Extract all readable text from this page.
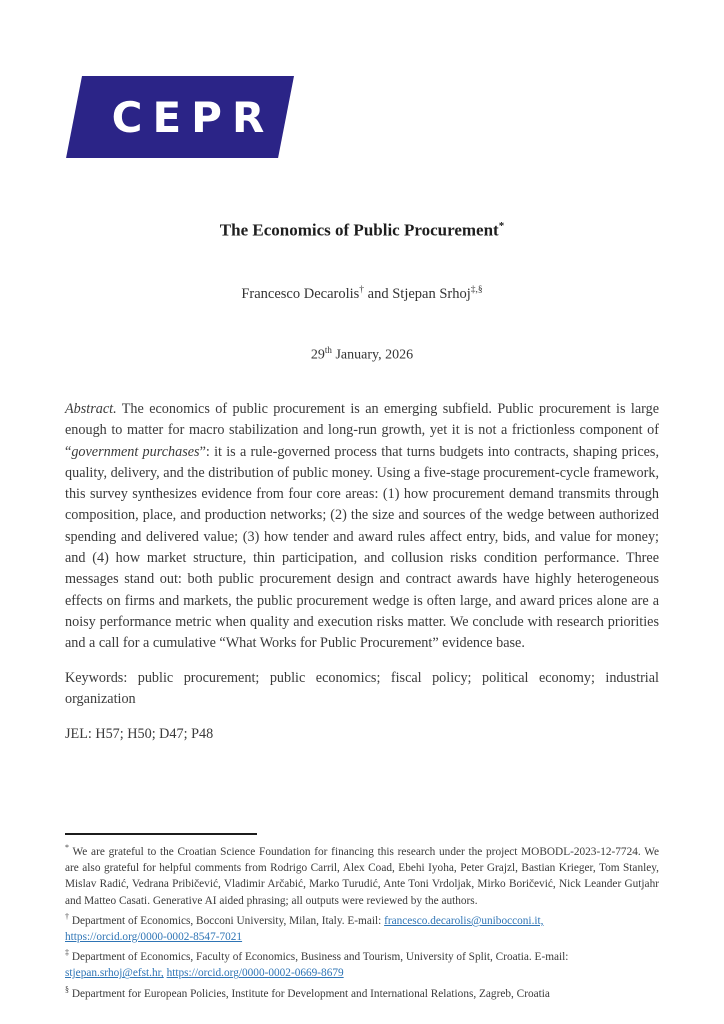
CEPR
The Economics of Public Procurement*
Francesco Decarolis† and Stjepan Srhoj‡,§
29th January, 2026

Abstract. The economics of public procurement is an emerging subfield. Public procurement is large enough to matter for macro stabilization and long-run growth, yet it is not a frictionless component of “government purchases”: it is a rule-governed process that turns budgets into contracts, shaping prices, quality, delivery, and the distribution of public money. Using a five-stage procurement-cycle framework, this survey synthesizes evidence from four core areas: (1) how procurement demand transmits through composition, place, and production networks; (2) the size and sources of the wedge between authorized spending and delivered value; (3) how tender and award rules affect entry, bids, and value for money; and (4) how market structure, thin participation, and collusion risks condition performance. Three messages stand out: both public procurement design and contract awards have highly heterogeneous effects on firms and markets, the public procurement wedge is often large, and award prices alone are a noisy performance metric when quality and execution risks matter. We conclude with research priorities and a call for a cumulative “What Works for Public Procurement” evidence base.

Keywords: public procurement; public economics; fiscal policy; political economy; industrial organization

JEL: H57; H50; D47; P48

* We are grateful to the Croatian Science Foundation for financing this research under the project MOBODL-2023-12-7724. We are also grateful for helpful comments from Rodrigo Carril, Alex Coad, Ebehi Iyoha, Peter Grajzl, Bastian Krieger, Tom Stanley, Mislav Radić, Vedrana Pribičević, Vladimir Arčabić, Marko Turudić, Ante Toni Vrdoljak, Mirko Boričević, Nick Leander Gutjahr and Matteo Casati. Generative AI aided phrasing; all outputs were reviewed by the authors.

† Department of Economics, Bocconi University, Milan, Italy. E-mail: francesco.decarolis@unibocconi.it,
https://orcid.org/0000-0002-8547-7021

‡ Department of Economics, Faculty of Economics, Business and Tourism, University of Split, Croatia. E-mail:
stjepan.srhoj@efst.hr, https://orcid.org/0000-0002-0669-8679

§ Department for European Policies, Institute for Development and International Relations, Zagreb, Croatia
